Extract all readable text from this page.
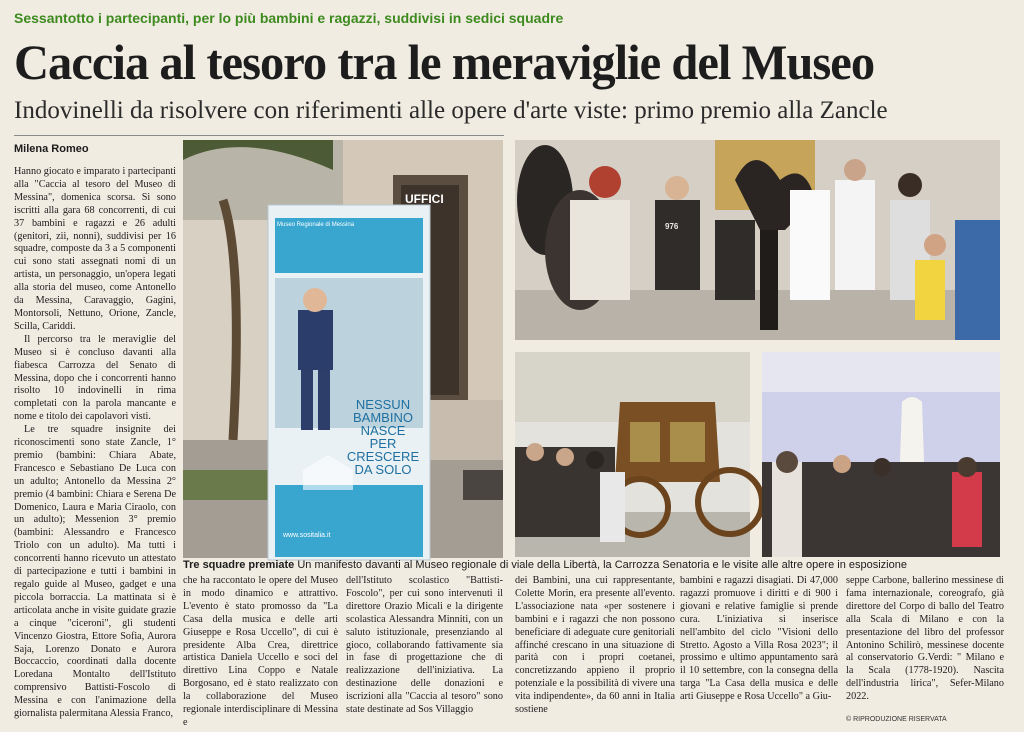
Sessantotto i partecipanti, per lo più bambini e ragazzi, suddivisi in sedici squadre
Caccia al tesoro tra le meraviglie del Museo
Indovinelli da risolvere con riferimenti alle opere d'arte viste: primo premio alla Zancle
Milena Romeo

Hanno giocato e imparato i partecipanti alla "Caccia al tesoro del Museo di Messina", domenica scorsa. Si sono iscritti alla gara 68 concorrenti, di cui 37 bambini e ragazzi e 26 adulti (genitori, zii, nonni), suddivisi per 16 squadre, composte da 3 a 5 componenti cui sono stati assegnati nomi di un artista, un personaggio, un'opera legati alla storia del museo, come Antonello da Messina, Caravaggio, Gagini, Montorsoli, Nettuno, Orione, Zancle, Scilla, Cariddi.

Il percorso tra le meraviglie del Museo si è concluso davanti alla fiabesca Carrozza del Senato di Messina, dopo che i concorrenti hanno risolto 10 indovinelli in rima completati con la parola mancante e nome e titolo dei capolavori visti.

Le tre squadre insignite dei riconoscimenti sono state Zancle, 1° premio (bambini: Chiara Abate, Francesco e Sebastiano De Luca con un adulto; Antonello da Messina 2° premio (4 bambini: Chiara e Serena De Domenico, Laura e Maria Ciraolo, con un adulto); Messenion 3° premio (bambini: Alessandro e Francesco Triolo con un adulto). Ma tutti i concorrenti hanno ricevuto un attestato di partecipazione e tutti i bambini in regalo guide al Museo, gadget e una piccola borraccia. La mattinata si è articolata anche in visite guidate grazie a cinque "ciceroni", gli studenti Vincenzo Giostra, Ettore Sofia, Aurora Saja, Lorenzo Donato e Aurora Boccaccio, coordinati dalla docente Loredana Montalto dell'Istituto comprensivo Battisti-Foscolo di Messina e con l'animazione della giornalista palermitana Alessia Franco,

Museo Regionale di Messina
UFFICI
NESSUN
BAMBINO
NASCE
PER
CRESCERE
DA SOLO
www.sositalia.it
976
Tre squadre premiate Un manifesto davanti al Museo regionale di viale della Libertà, la Carrozza Senatoria e le visite alle altre opere in esposizione

che ha raccontato le opere del Museo in modo dinamico e attrattivo. L'evento è stato promosso da "La Casa della musica e delle arti Giuseppe e Rosa Uccello", di cui è presidente Alba Crea, direttrice artistica Daniela Uccello e soci del direttivo Lina Coppo e Natale Borgosano, ed è stato realizzato con la collaborazione del Museo regionale interdisciplinare di Messina e

dell'Istituto scolastico "Battisti-Foscolo", per cui sono intervenuti il direttore Orazio Micali e la dirigente scolastica Alessandra Minniti, con un saluto istituzionale, presenziando al gioco, collaborando fattivamente sia in fase di progettazione che di realizzazione dell'iniziativa. La destinazione delle donazioni e iscrizioni alla "Caccia al tesoro" sono state destinate ad Sos Villaggio

dei Bambini, una cui rappresentante, Colette Morin, era presente all'evento. L'associazione nata «per sostenere i bambini e i ragazzi che non possono beneficiare di adeguate cure genitoriali affinché crescano in una situazione di parità con i propri coetanei, concretizzando appieno il proprio potenziale e la possibilità di vivere una vita indipendente», da 60 anni in Italia sostiene

bambini e ragazzi disagiati. Di 47,000 ragazzi promuove i diritti e di 900 i giovani e relative famiglie si prende cura. L'iniziativa si inserisce nell'ambito del ciclo "Visioni dello Stretto. Agosto a Villa Rosa 2023"; il prossimo e ultimo appuntamento sarà il 10 settembre, con la consegna della targa "La Casa della musica e delle arti Giuseppe e Rosa Uccello" a Giu-

seppe Carbone, ballerino messinese di fama internazionale, coreografo, già direttore del Corpo di ballo del Teatro alla Scala di Milano e con la presentazione del libro del professor Antonino Schilirò, messinese docente al conservatorio G.Verdi: " Milano e la Scala (1778-1920). Nascita dell'industria lirica", Sefer-Milano 2022.

© RIPRODUZIONE RISERVATA
